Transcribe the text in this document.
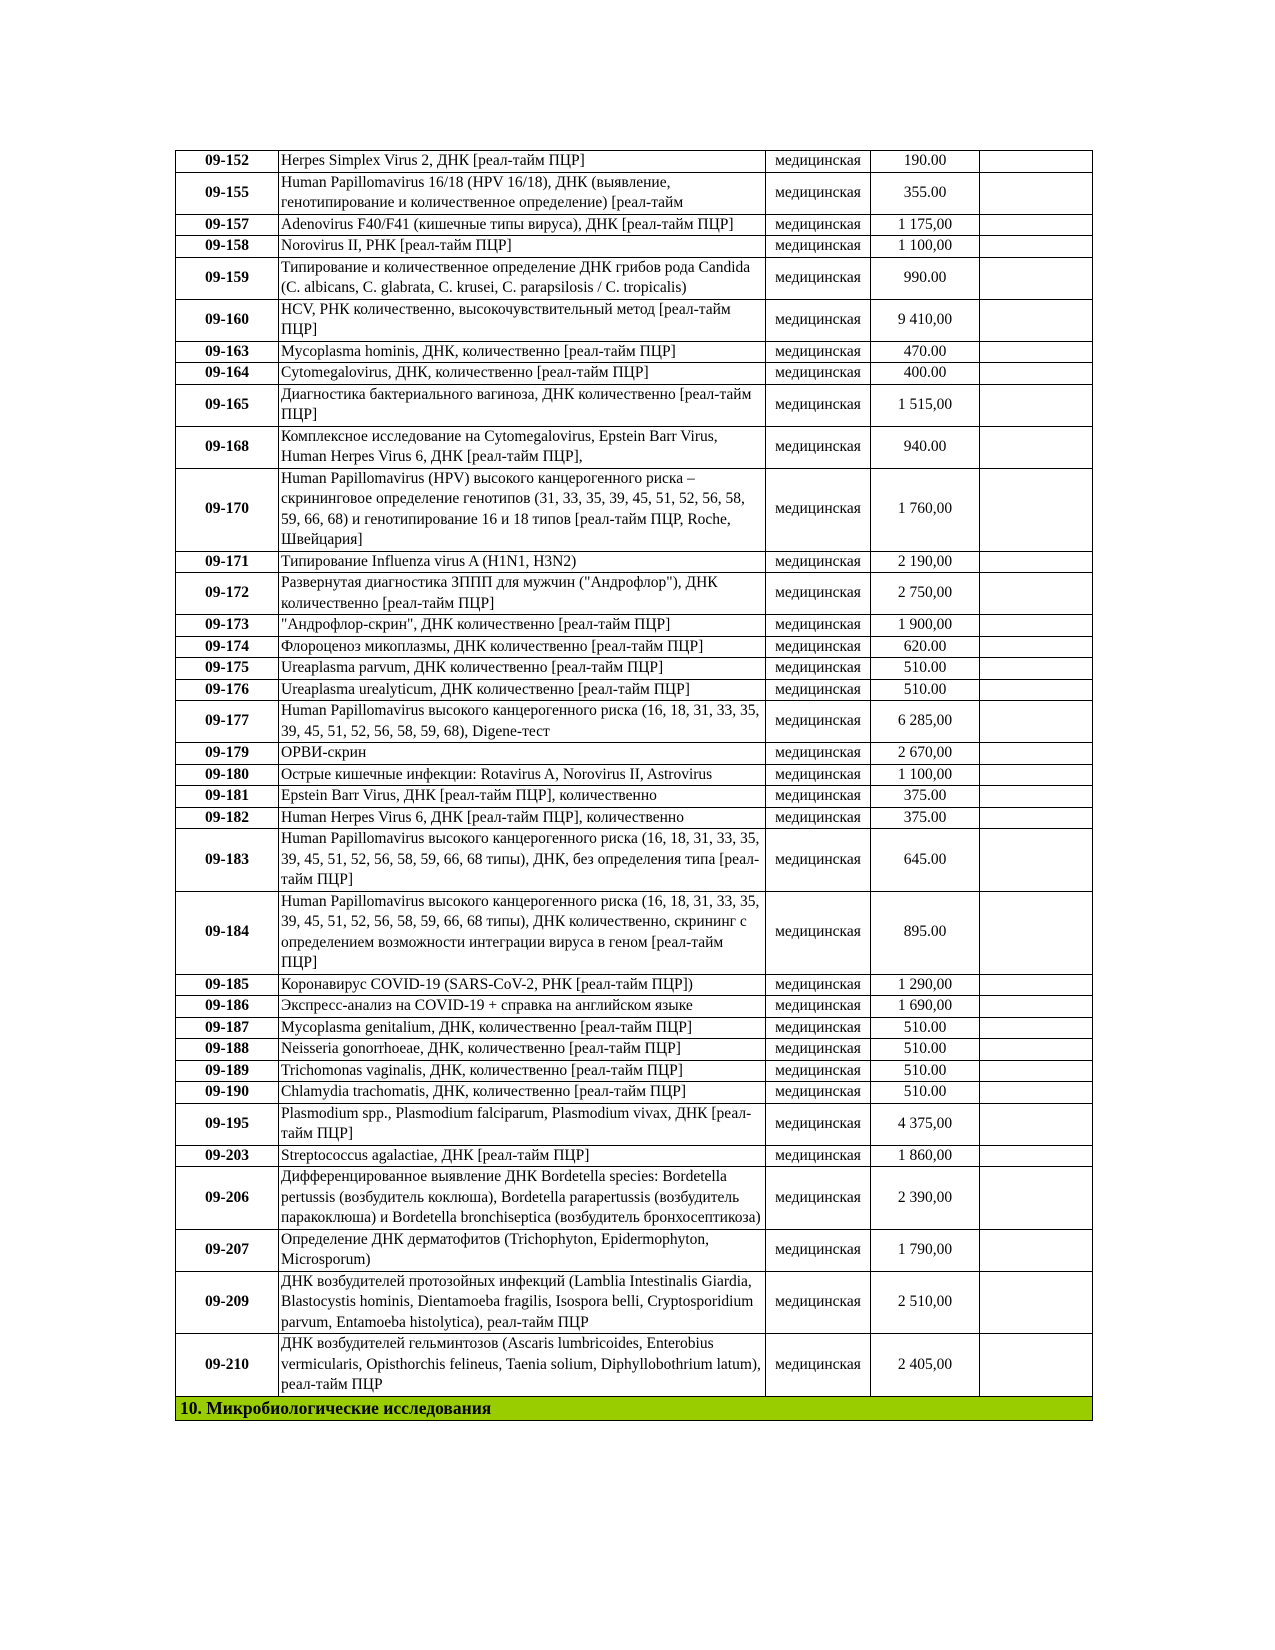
09-152	Herpes Simplex Virus 2, ДНК [реал-тайм ПЦР]	медицинская	190.00	
09-155	Human Papillomavirus 16/18 (HPV 16/18), ДНК (выявление, генотипирование и количественное определение) [реал-тайм	медицинская	355.00	
09-157	Adenovirus F40/F41 (кишечные типы вируса), ДНК [реал-тайм ПЦР]	медицинская	1 175,00	
09-158	Norovirus II, РНК [реал-тайм ПЦР]	медицинская	1 100,00	
09-159	Типирование и количественное определение ДНК грибов рода Candida (C. albicans, C. glabrata, C. krusei, C. parapsilosis / C. tropicalis)	медицинская	990.00	
09-160	HCV, РНК количественно, высокочувствительный метод [реал-тайм ПЦР]	медицинская	9 410,00	
09-163	Mycoplasma hominis, ДНК, количественно [реал-тайм ПЦР]	медицинская	470.00	
09-164	Cytomegalovirus, ДНК, количественно [реал-тайм ПЦР]	медицинская	400.00	
09-165	Диагностика бактериального вагиноза, ДНК количественно [реал-тайм ПЦР]	медицинская	1 515,00	
09-168	Комплексное исследование на Cytomegalovirus, Epstein Barr Virus, Human Herpes Virus 6, ДНК [реал-тайм ПЦР],	медицинская	940.00	
09-170	Human Papillomavirus (HPV) высокого канцерогенного риска – скрининговое определение генотипов (31, 33, 35, 39, 45, 51, 52, 56, 58, 59, 66, 68) и генотипирование 16 и 18 типов [реал-тайм ПЦР, Roche, Швейцария]	медицинская	1 760,00	
09-171	Типирование Influenza virus A (H1N1, H3N2)	медицинская	2 190,00	
09-172	Развернутая диагностика ЗППП для мужчин ("Андрофлор"), ДНК количественно [реал-тайм ПЦР]	медицинская	2 750,00	
09-173	"Андрофлор-скрин", ДНК количественно [реал-тайм ПЦР]	медицинская	1 900,00	
09-174	Флороценоз микоплазмы, ДНК количественно [реал-тайм ПЦР]	медицинская	620.00	
09-175	Ureaplasma parvum, ДНК количественно [реал-тайм ПЦР]	медицинская	510.00	
09-176	Ureaplasma urealyticum, ДНК количественно [реал-тайм ПЦР]	медицинская	510.00	
09-177	Human Papillomavirus высокого канцерогенного риска (16, 18, 31, 33, 35, 39, 45, 51, 52, 56, 58, 59, 68), Digene-тест	медицинская	6 285,00	
09-179	ОРВИ-скрин	медицинская	2 670,00	
09-180	Острые кишечные инфекции: Rotavirus A, Norovirus II, Astrovirus	медицинская	1 100,00	
09-181	Epstein Barr Virus, ДНК [реал-тайм ПЦР], количественно	медицинская	375.00	
09-182	Human Herpes Virus 6, ДНК [реал-тайм ПЦР], количественно	медицинская	375.00	
09-183	Human Papillomavirus высокого канцерогенного риска (16, 18, 31, 33, 35, 39, 45, 51, 52, 56, 58, 59, 66, 68 типы), ДНК, без определения типа [реал-тайм ПЦР]	медицинская	645.00	
09-184	Human Papillomavirus высокого канцерогенного риска (16, 18, 31, 33, 35, 39, 45, 51, 52, 56, 58, 59, 66, 68 типы), ДНК количественно, скрининг с определением возможности интеграции вируса в геном [реал-тайм ПЦР]	медицинская	895.00	
09-185	Коронавирус COVID-19 (SARS-CoV-2, РНК [реал-тайм ПЦР])	медицинская	1 290,00	
09-186	Экспресс-анализ на COVID-19 + справка на английском языке	медицинская	1 690,00	
09-187	Mycoplasma genitalium, ДНК, количественно [реал-тайм ПЦР]	медицинская	510.00	
09-188	Neisseria gonorrhoeae, ДНК, количественно [реал-тайм ПЦР]	медицинская	510.00	
09-189	Trichomonas vaginalis, ДНК, количественно [реал-тайм ПЦР]	медицинская	510.00	
09-190	Chlamydia trachomatis, ДНК, количественно [реал-тайм ПЦР]	медицинская	510.00	
09-195	Plasmodium spp., Plasmodium falciparum, Plasmodium vivax, ДНК [реал-тайм ПЦР]	медицинская	4 375,00	
09-203	Streptococcus agalactiae, ДНК [реал-тайм ПЦР]	медицинская	1 860,00	
09-206	Дифференцированное выявление ДНК Bordetella species: Bordetella pertussis (возбудитель коклюша), Bordetella parapertussis (возбудитель паракоклюша) и Bordetella bronchiseptica (возбудитель бронхосептикоза)	медицинская	2 390,00	
09-207	Определение ДНК дерматофитов (Trichophyton, Epidermophyton, Microsporum)	медицинская	1 790,00	
09-209	ДНК возбудителей протозойных инфекций (Lamblia Intestinalis Giardia, Blastocystis hominis, Dientamoeba fragilis, Isospora belli, Cryptosporidium parvum, Entamoeba histolytica), реал-тайм ПЦР	медицинская	2 510,00	
09-210	ДНК возбудителей гельминтозов (Ascaris lumbricoides, Enterobius vermicularis, Opisthorchis felineus, Taenia solium, Diphyllobothrium latum), реал-тайм ПЦР	медицинская	2 405,00	
10. Микробиологические исследования				
